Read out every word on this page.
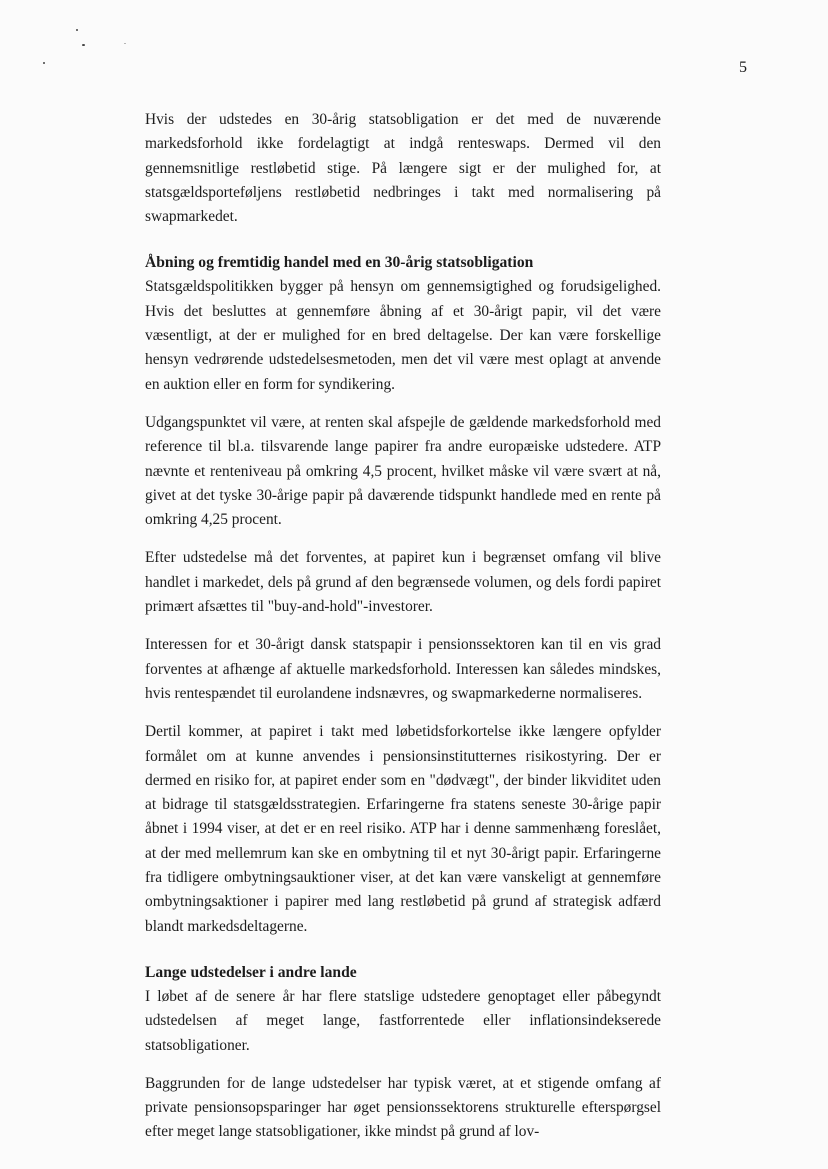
5

Hvis der udstedes en 30-årig statsobligation er det med de nuværende markedsforhold ikke fordelagtigt at indgå renteswaps. Dermed vil den gennemsnitlige restløbetid stige. På længere sigt er der mulighed for, at statsgældsporteføljens restløbetid nedbringes i takt med normalisering på swapmarkedet.

Åbning og fremtidig handel med en 30-årig statsobligation

Statsgældspolitikken bygger på hensyn om gennemsigtighed og forudsigelighed. Hvis det besluttes at gennemføre åbning af et 30-årigt papir, vil det være væsentligt, at der er mulighed for en bred deltagelse. Der kan være forskellige hensyn vedrørende udstedelsesmetoden, men det vil være mest oplagt at anvende en auktion eller en form for syndikering.

Udgangspunktet vil være, at renten skal afspejle de gældende markedsforhold med reference til bl.a. tilsvarende lange papirer fra andre europæiske udstedere. ATP nævnte et renteniveau på omkring 4,5 procent, hvilket måske vil være svært at nå, givet at det tyske 30-årige papir på daværende tidspunkt handlede med en rente på omkring 4,25 procent.

Efter udstedelse må det forventes, at papiret kun i begrænset omfang vil blive handlet i markedet, dels på grund af den begrænsede volumen, og dels fordi papiret primært afsættes til "buy-and-hold"-investorer.

Interessen for et 30-årigt dansk statspapir i pensionssektoren kan til en vis grad forventes at afhænge af aktuelle markedsforhold. Interessen kan således mindskes, hvis rentespændet til eurolandene indsnævres, og swapmarkederne normaliseres.

Dertil kommer, at papiret i takt med løbetidsforkortelse ikke længere opfylder formålet om at kunne anvendes i pensionsinstitutternes risikostyring. Der er dermed en risiko for, at papiret ender som en "dødvægt", der binder likviditet uden at bidrage til statsgældsstrategien. Erfaringerne fra statens seneste 30-årige papir åbnet i 1994 viser, at det er en reel risiko. ATP har i denne sammenhæng foreslået, at der med mellemrum kan ske en ombytning til et nyt 30-årigt papir. Erfaringerne fra tidligere ombytningsauktioner viser, at det kan være vanskeligt at gennemføre ombytningsaktioner i papirer med lang restløbetid på grund af strategisk adfærd blandt markedsdeltagerne.

Lange udstedelser i andre lande

I løbet af de senere år har flere statslige udstedere genoptaget eller påbegyndt udstedelsen af meget lange, fastforrentede eller inflationsindekserede statsobligationer.

Baggrunden for de lange udstedelser har typisk været, at et stigende omfang af private pensionsopsparinger har øget pensionssektorens strukturelle efterspørgsel efter meget lange statsobligationer, ikke mindst på grund af lov-
